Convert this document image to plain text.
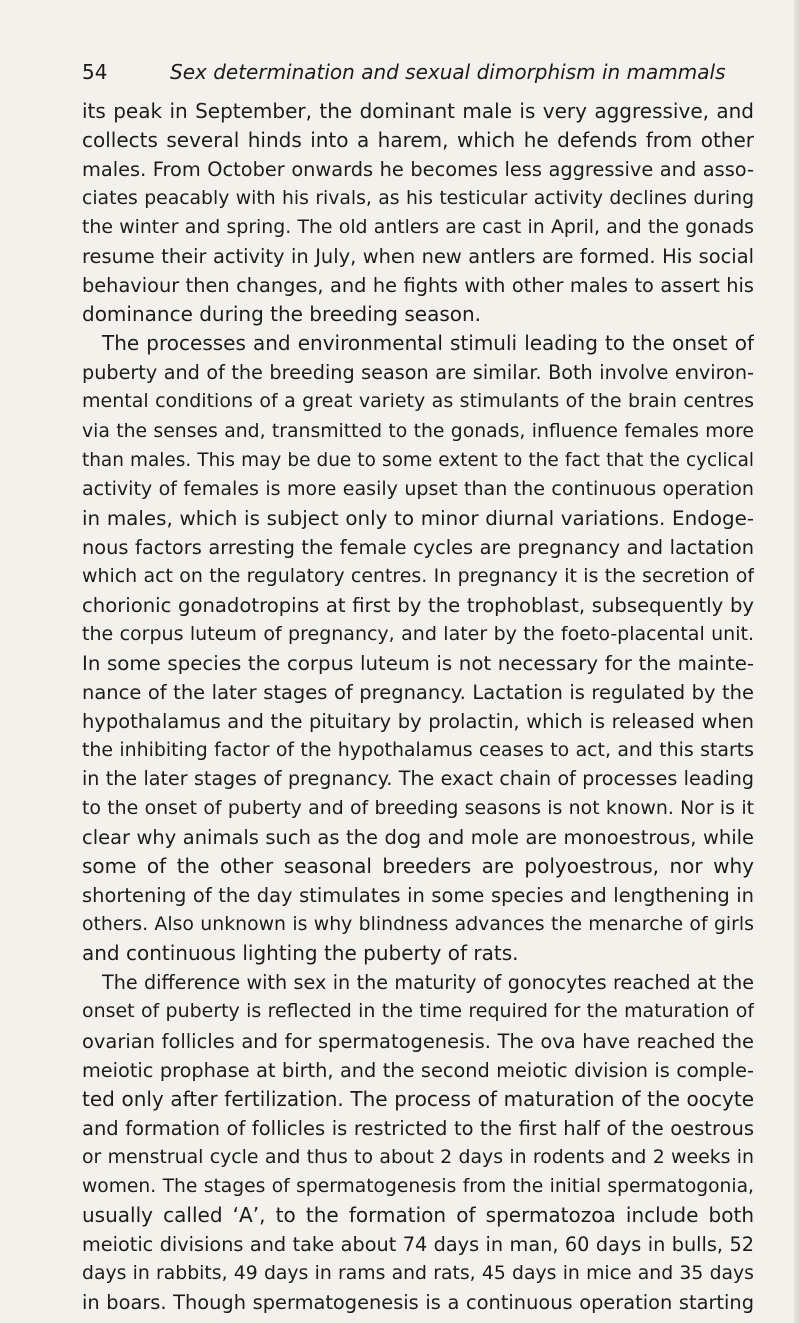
54	Sex determination and sexual dimorphism in mammals
its peak in September, the dominant male is very aggressive, and
collects several hinds into a harem, which he defends from other
males. From October onwards he becomes less aggressive and asso-
ciates peacably with his rivals, as his testicular activity declines during
the winter and spring. The old antlers are cast in April, and the gonads
resume their activity in July, when new antlers are formed. His social
behaviour then changes, and he fights with other males to assert his
dominance during the breeding season.
The processes and environmental stimuli leading to the onset of
puberty and of the breeding season are similar. Both involve environ-
mental conditions of a great variety as stimulants of the brain centres
via the senses and, transmitted to the gonads, influence females more
than males. This may be due to some extent to the fact that the cyclical
activity of females is more easily upset than the continuous operation
in males, which is subject only to minor diurnal variations. Endoge-
nous factors arresting the female cycles are pregnancy and lactation
which act on the regulatory centres. In pregnancy it is the secretion of
chorionic gonadotropins at first by the trophoblast, subsequently by
the corpus luteum of pregnancy, and later by the foeto-placental unit.
In some species the corpus luteum is not necessary for the mainte-
nance of the later stages of pregnancy. Lactation is regulated by the
hypothalamus and the pituitary by prolactin, which is released when
the inhibiting factor of the hypothalamus ceases to act, and this starts
in the later stages of pregnancy. The exact chain of processes leading
to the onset of puberty and of breeding seasons is not known. Nor is it
clear why animals such as the dog and mole are monoestrous, while
some of the other seasonal breeders are polyoestrous, nor why
shortening of the day stimulates in some species and lengthening in
others. Also unknown is why blindness advances the menarche of girls
and continuous lighting the puberty of rats.
The difference with sex in the maturity of gonocytes reached at the
onset of puberty is reflected in the time required for the maturation of
ovarian follicles and for spermatogenesis. The ova have reached the
meiotic prophase at birth, and the second meiotic division is comple-
ted only after fertilization. The process of maturation of the oocyte
and formation of follicles is restricted to the first half of the oestrous
or menstrual cycle and thus to about 2 days in rodents and 2 weeks in
women. The stages of spermatogenesis from the initial spermatogonia,
usually called ‘A’, to the formation of spermatozoa include both
meiotic divisions and take about 74 days in man, 60 days in bulls, 52
days in rabbits, 49 days in rams and rats, 45 days in mice and 35 days
in boars. Though spermatogenesis is a continuous operation starting
